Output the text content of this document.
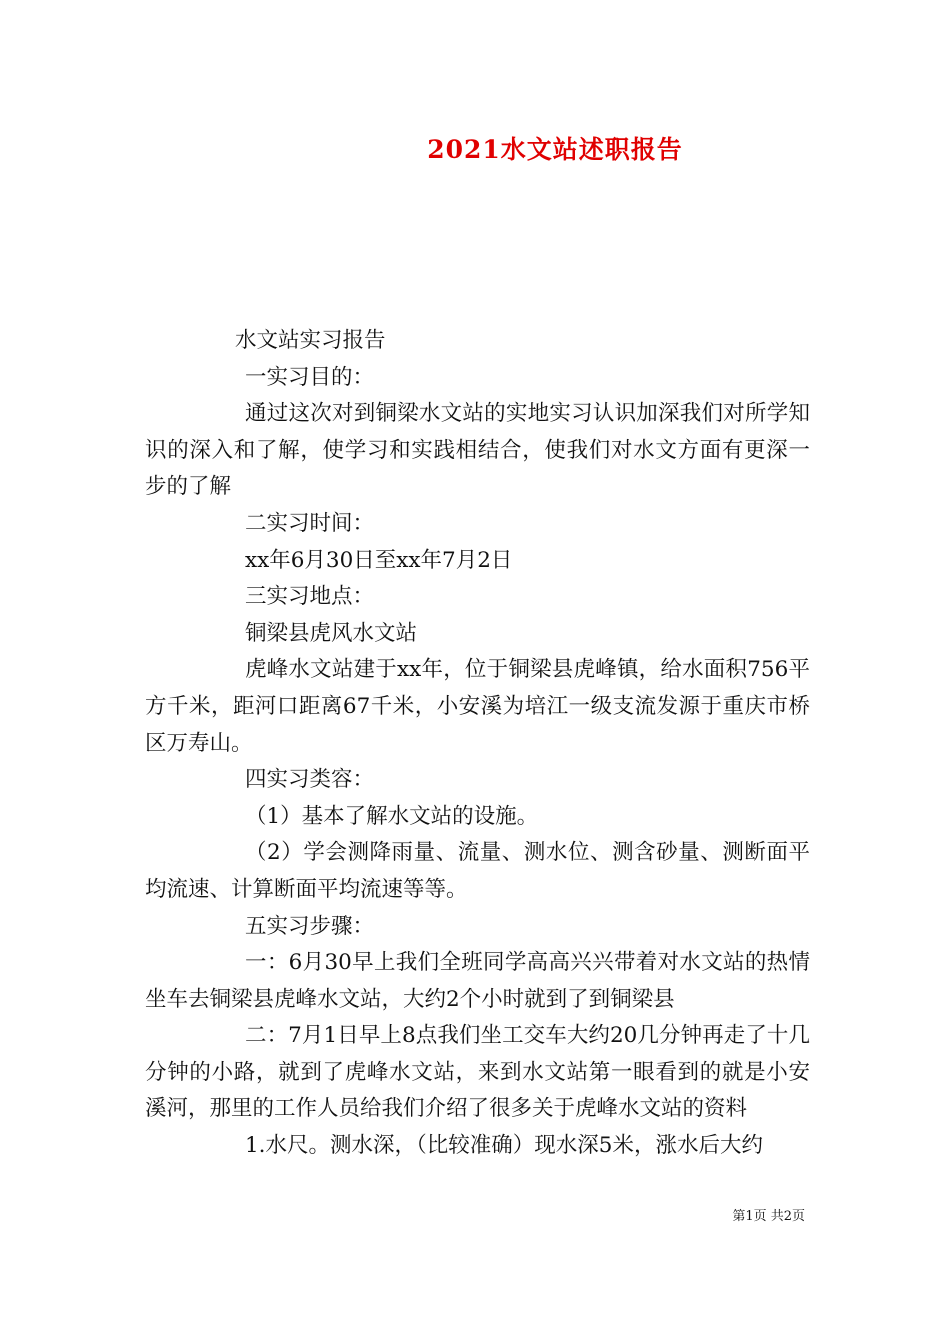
2021水文站述职报告

水文站实习报告

一实习目的：

通过这次对到铜梁水文站的实地实习认识加深我们对所学知识的深入和了解，使学习和实践相结合，使我们对水文方面有更深一步的了解

二实习时间：

xx年6月30日至xx年7月2日

三实习地点：

铜梁县虎风水文站

虎峰水文站建于xx年，位于铜梁县虎峰镇，给水面积756平方千米，距河口距离67千米，小安溪为培江一级支流发源于重庆市桥区万寿山。

四实习类容：

（1）基本了解水文站的设施。

（2）学会测降雨量、流量、测水位、测含砂量、测断面平均流速、计算断面平均流速等等。

五实习步骤：

一：6月30早上我们全班同学高高兴兴带着对水文站的热情坐车去铜梁县虎峰水文站，大约2个小时就到了到铜梁县

二：7月1日早上8点我们坐工交车大约20几分钟再走了十几分钟的小路，就到了虎峰水文站，来到水文站第一眼看到的就是小安溪河，那里的工作人员给我们介绍了很多关于虎峰水文站的资料

1.水尺。测水深，（比较准确）现水深5米，涨水后大约

第1页 共2页
